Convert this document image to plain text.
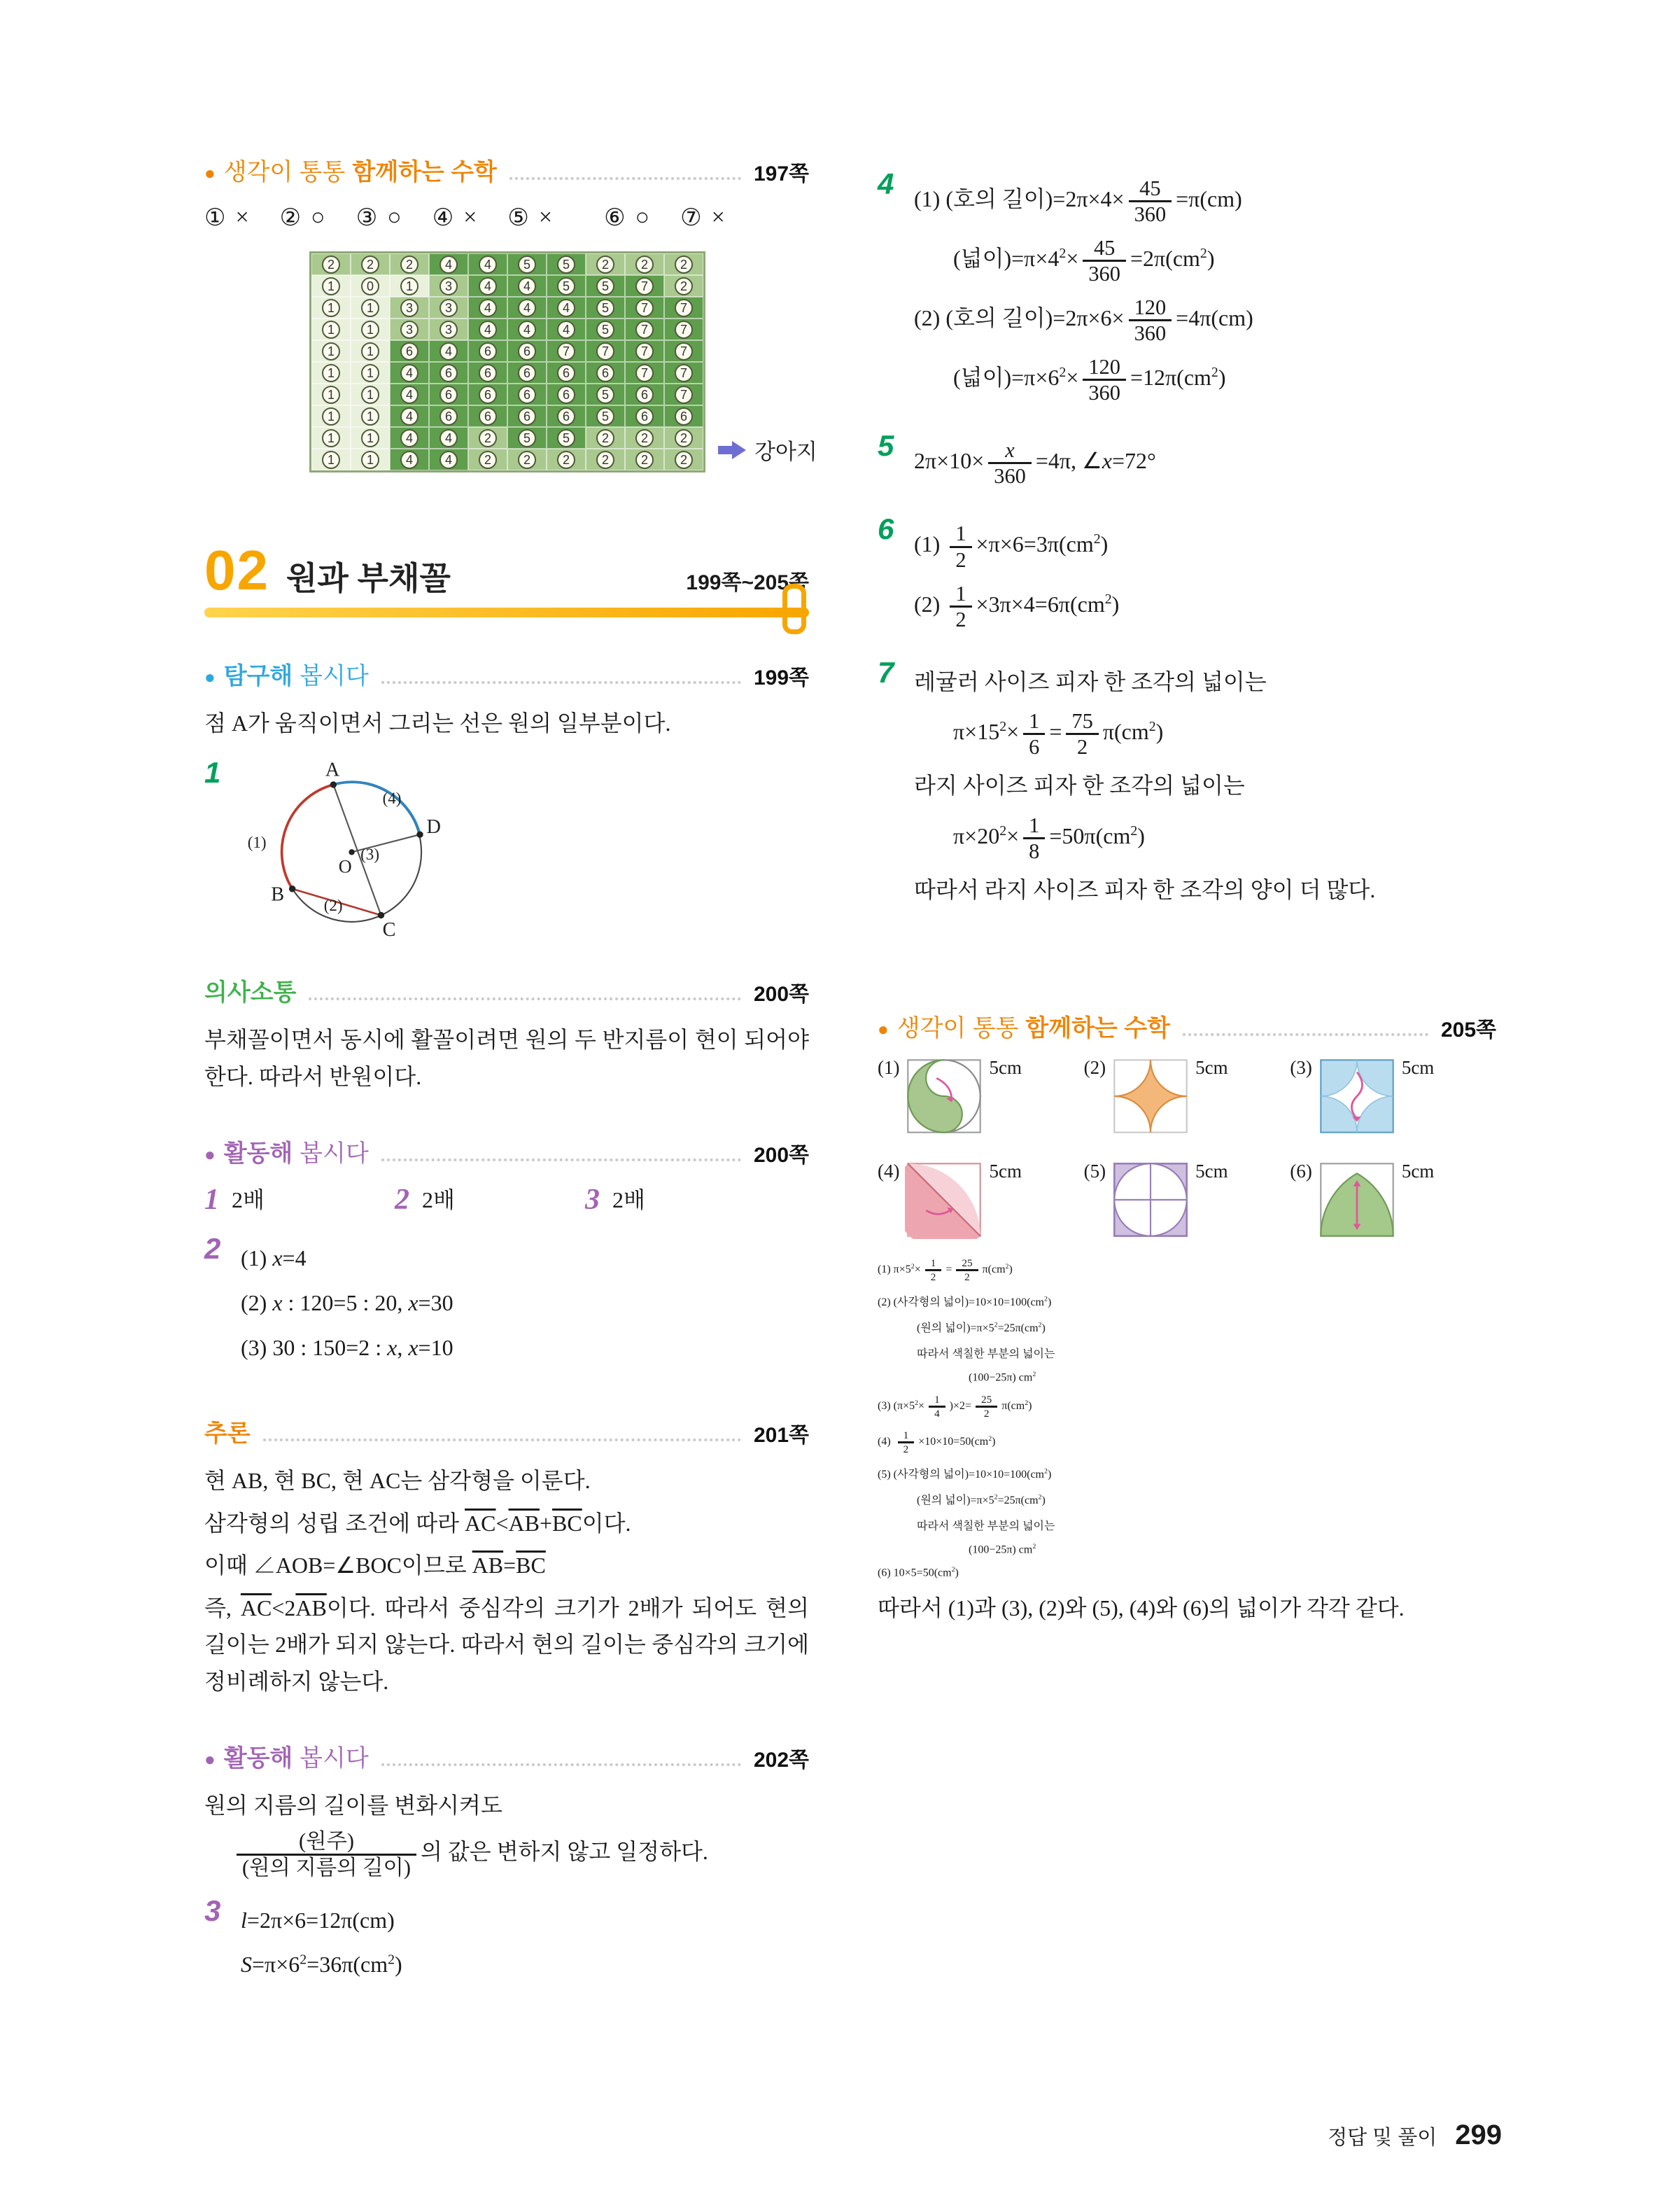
● 생각이 통통 함께하는 수학	197쪽
① × ② ○ ③ ○ ④ × ⑤ × ⑥ ○ ⑦ ×
2	2	2	4	4	5	5	2	2	2
1	0	1	3	4	4	5	5	7	2
1	1	3	3	4	4	4	5	7	7
1	1	3	3	4	4	4	5	7	7
1	1	6	4	6	6	7	7	7	7
1	1	4	6	6	6	6	6	7	7
1	1	4	6	6	6	6	5	6	7
1	1	4	6	6	6	6	5	6	6
1	1	4	4	2	5	5	2	2	2
1	1	4	4	2	2	2	2	2	2	강아지
02 원과 부채꼴	199쪽~205쪽
● 탐구해 봅시다	199쪽

점 A가 움직이면서 그리는 선은 원의 일부분이다.

1	A
B
C
D
O
(1)
(2)
(3)
(4)
의사소통	200쪽

부채꼴이면서 동시에 활꼴이려면 원의 두 반지름이 현이 되어야 한다. 따라서 반원이다.

● 활동해 봅시다	200쪽
1 2배	2 2배	3 2배
2 (1) x=4
(2) x : 120=5 : 20, x=30
(3) 30 : 150=2 : x, x=10
추론	201쪽
현 AB, 현 BC, 현 AC는 삼각형을 이룬다.
삼각형의 성립 조건에 따라 $\overline{AC}<\overline{AB}+\overline{BC}$이다.
이때 ∠AOB=∠BOC이므로 $\overline{AB}=\overline{BC}$
즉, $\overline{AC}<2\overline{AB}$이다. 따라서 중심각의 크기가 2배가 되어도 현의 길이는 2배가 되지 않는다. 따라서 현의 길이는 중심각의 크기에 정비례하지 않는다.
● 활동해 봅시다	202쪽

원의 지름의 길이를 변화시켜도

$\frac{\text{(원주)}}{\text{(원의 지름의 길이)}}$ 의 값은 변하지 않고 일정하다.
3 l=2π×6=12π(cm)
$S=\pi\times 6^2=36\pi(cm^2)$
4 (1) (호의 길이)$=2\pi\times 4\times \frac{45}{360} =\pi(cm)$
(넓이)$=\pi\times 4^2\times \frac{45}{360} =2\pi(cm^2)$
(2) (호의 길이)$=2\pi\times 6\times \frac{120}{360} =4\pi(cm)$
(넓이)$=\pi\times 6^2\times \frac{120}{360} =12\pi(cm^2)$
5 $2\pi\times 10\times \frac{x}{360} =4\pi$, ∠x=72°
6 $(1) \frac{1}{2} \times\pi\times 6=3\pi(cm^2)$
$(2) \frac{1}{2} \times 3\pi\times 4=6\pi(cm^2)$
7 레귤러 사이즈 피자 한 조각의 넓이는
$\pi\times 15^2\times \frac{1}{6} = \frac{75}{2} \pi(cm^2)$
라지 사이즈 피자 한 조각의 넓이는
$\pi\times 20^2\times \frac{1}{8} =50\pi(cm^2)$
따라서 라지 사이즈 피자 한 조각의 양이 더 많다.
● 생각이 통통 함께하는 수학	205쪽
(1)	5cm	(2)	5cm	(3)	5cm
(4)	5cm	(5)	5cm	(6)	5cm
(1) $\pi\times 5^2\times \frac{1}{2} = \frac{25}{2} \pi(cm^2)$
(2) (사각형의 넓이)$=10\times 10=100(cm^2)$
(원의 넓이)$=\pi\times 5^2=25\pi(cm^2)$
따라서 색칠한 부분의 넓이는
(100−25π) $cm^2$
(3) $(\pi\times 5^2\times \frac{1}{4} )\times 2= \frac{25}{2} \pi(cm^2)$
$(4) \frac{1}{2} \times 10\times 10=50(cm^2)$
(5) (사각형의 넓이)$=10\times 10=100(cm^2)$
(원의 넓이)$=\pi\times 5^2=25\pi(cm^2)$
따라서 색칠한 부분의 넓이는
(100−25π) $cm^2$
(6) $10\times 5=50(cm^2)$

따라서 (1)과 (3), (2)와 (5), (4)와 (6)의 넓이가 각각 같다.

정답 및 풀이 299
